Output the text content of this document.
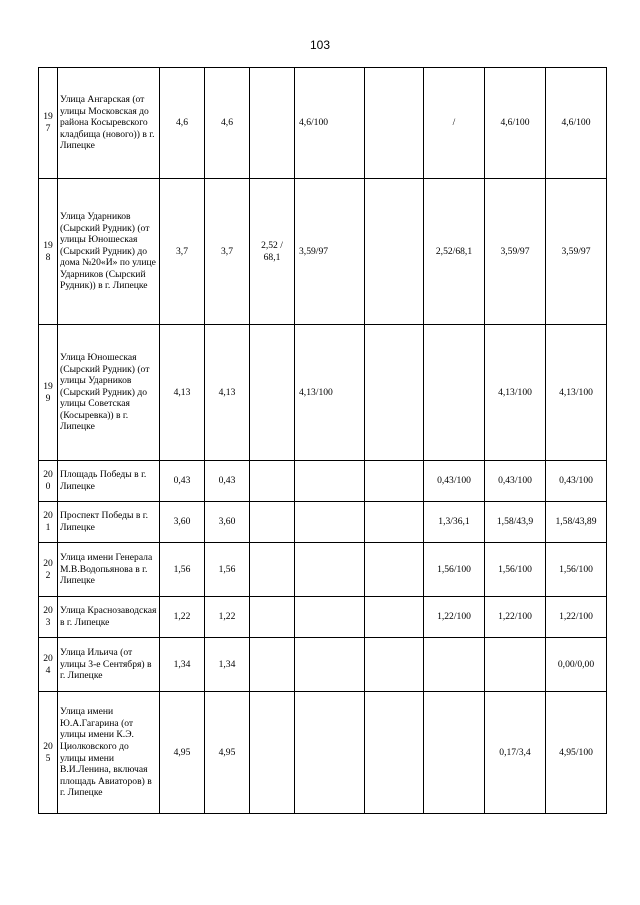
103
197	Улица Ангарская (от улицы Московская до района Косыревского кладбища (нового)) в г. Липецке	4,6	4,6		4,6/100		/	4,6/100	4,6/100
198	Улица Ударников (Сырский Рудник) (от улицы Юношеская (Сырский Рудник) до дома №20«И» по улице Ударников (Сырский Рудник)) в г. Липецке	3,7	3,7	2,52 / 68,1	3,59/97		2,52/68,1	3,59/97	3,59/97
199	Улица Юношеская (Сырский Рудник) (от улицы Ударников (Сырский Рудник) до улицы Советская (Косыревка)) в г. Липецке	4,13	4,13		4,13/100			4,13/100	4,13/100
200	Площадь Победы в г. Липецке	0,43	0,43				0,43/100	0,43/100	0,43/100
201	Проспект Победы в г. Липецке	3,60	3,60				1,3/36,1	1,58/43,9	1,58/43,89
202	Улица имени Генерала М.В.Водопьянова в г. Липецке	1,56	1,56				1,56/100	1,56/100	1,56/100
203	Улица Краснозаводская в г. Липецке	1,22	1,22				1,22/100	1,22/100	1,22/100
204	Улица Ильича (от улицы 3-е Сентября) в г. Липецке	1,34	1,34						0,00/0,00
205	Улица имени Ю.А.Гагарина (от улицы имени К.Э. Циолковского до улицы имени В.И.Ленина, включая площадь Авиаторов) в г. Липецке	4,95	4,95					0,17/3,4	4,95/100
